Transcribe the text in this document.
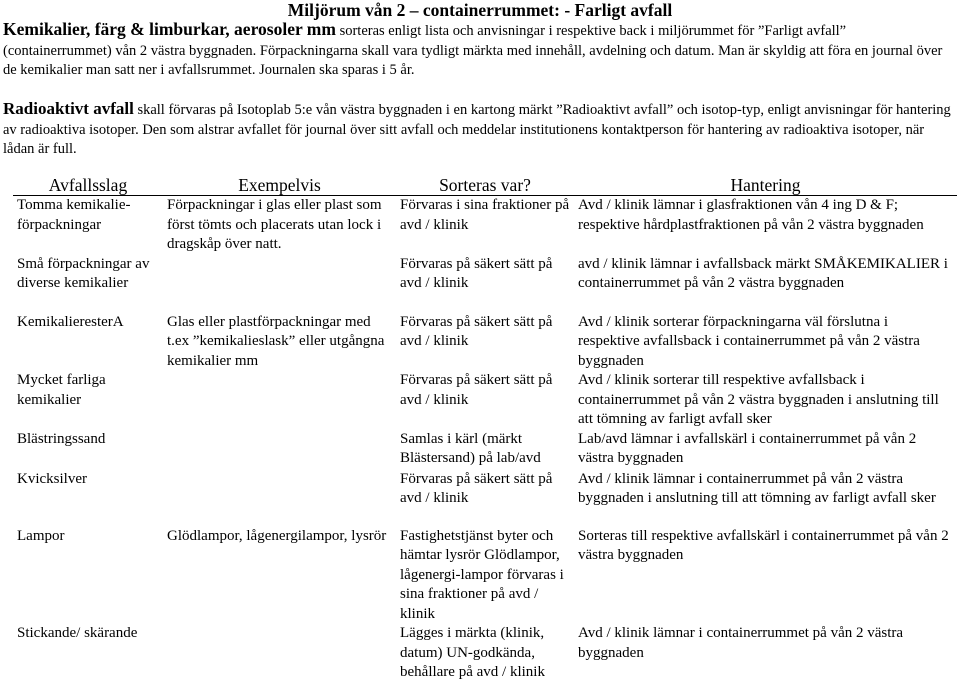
Miljörum vån 2 – containerrummet: - Farligt avfall
Kemikalier, färg & limburkar, aerosoler mm sorteras enligt lista och anvisningar i respektive back i miljörummet för ”Farligt avfall” (containerrummet) vån 2 västra byggnaden. Förpackningarna skall vara tydligt märkta med innehåll, avdelning och datum. Man är skyldig att föra en journal över de kemikalier man satt ner i avfallsrummet. Journalen ska sparas i 5 år.
Radioaktivt avfall skall förvaras på Isotoplab 5:e vån västra byggnaden i en kartong märkt ”Radioaktivt avfall” och isotop-typ, enligt anvisningar för hantering av radioaktiva isotoper. Den som alstrar avfallet för journal över sitt avfall och meddelar institutionens kontaktperson för hantering av radioaktiva isotoper, när lådan är full.
Avfallsslag	Exempelvis	Sorteras var?	Hantering
Tomma kemikalie-förpackningar	Förpackningar i glas eller plast som först tömts och placerats utan lock i dragskåp över natt.	Förvaras i sina fraktioner på avd / klinik	Avd / klinik lämnar i glasfraktionen vån 4 ing D & F; respektive hårdplastfraktionen på vån 2 västra byggnaden
Små förpackningar av diverse kemikalier		Förvaras på säkert sätt på avd / klinik	avd / klinik lämnar i avfallsback märkt SMÅKEMIKALIER i containerrummet på vån 2 västra byggnaden
KemikalieresterA	Glas eller plastförpackningar med t.ex ”kemikalieslask” eller utgångna kemikalier mm	Förvaras på säkert sätt på avd / klinik	Avd / klinik sorterar förpackningarna väl förslutna i respektive avfallsback i containerrummet på vån 2 västra byggnaden
Mycket farliga kemikalier		Förvaras på säkert sätt på avd / klinik	Avd / klinik sorterar till respektive avfallsback i containerrummet på vån 2 västra byggnaden i anslutning till att tömning av farligt avfall sker
Blästringssand		Samlas i kärl (märkt Blästersand) på lab/avd	Lab/avd lämnar i avfallskärl i containerrummet på vån 2 västra byggnaden
Kvicksilver		Förvaras på säkert sätt på avd / klinik	Avd / klinik lämnar i containerrummet på vån 2 västra byggnaden i anslutning till att tömning av farligt avfall sker
Lampor	Glödlampor, lågenergilampor, lysrör	Fastighetstjänst byter och hämtar lysrör Glödlampor, lågenergi-lampor förvaras i sina fraktioner på avd / klinik	Sorteras till respektive avfallskärl i containerrummet på vån 2 västra byggnaden
Stickande/ skärande		Lägges i märkta (klinik, datum) UN-godkända, behållare på avd / klinik	Avd / klinik lämnar i containerrummet på vån 2 västra byggnaden
